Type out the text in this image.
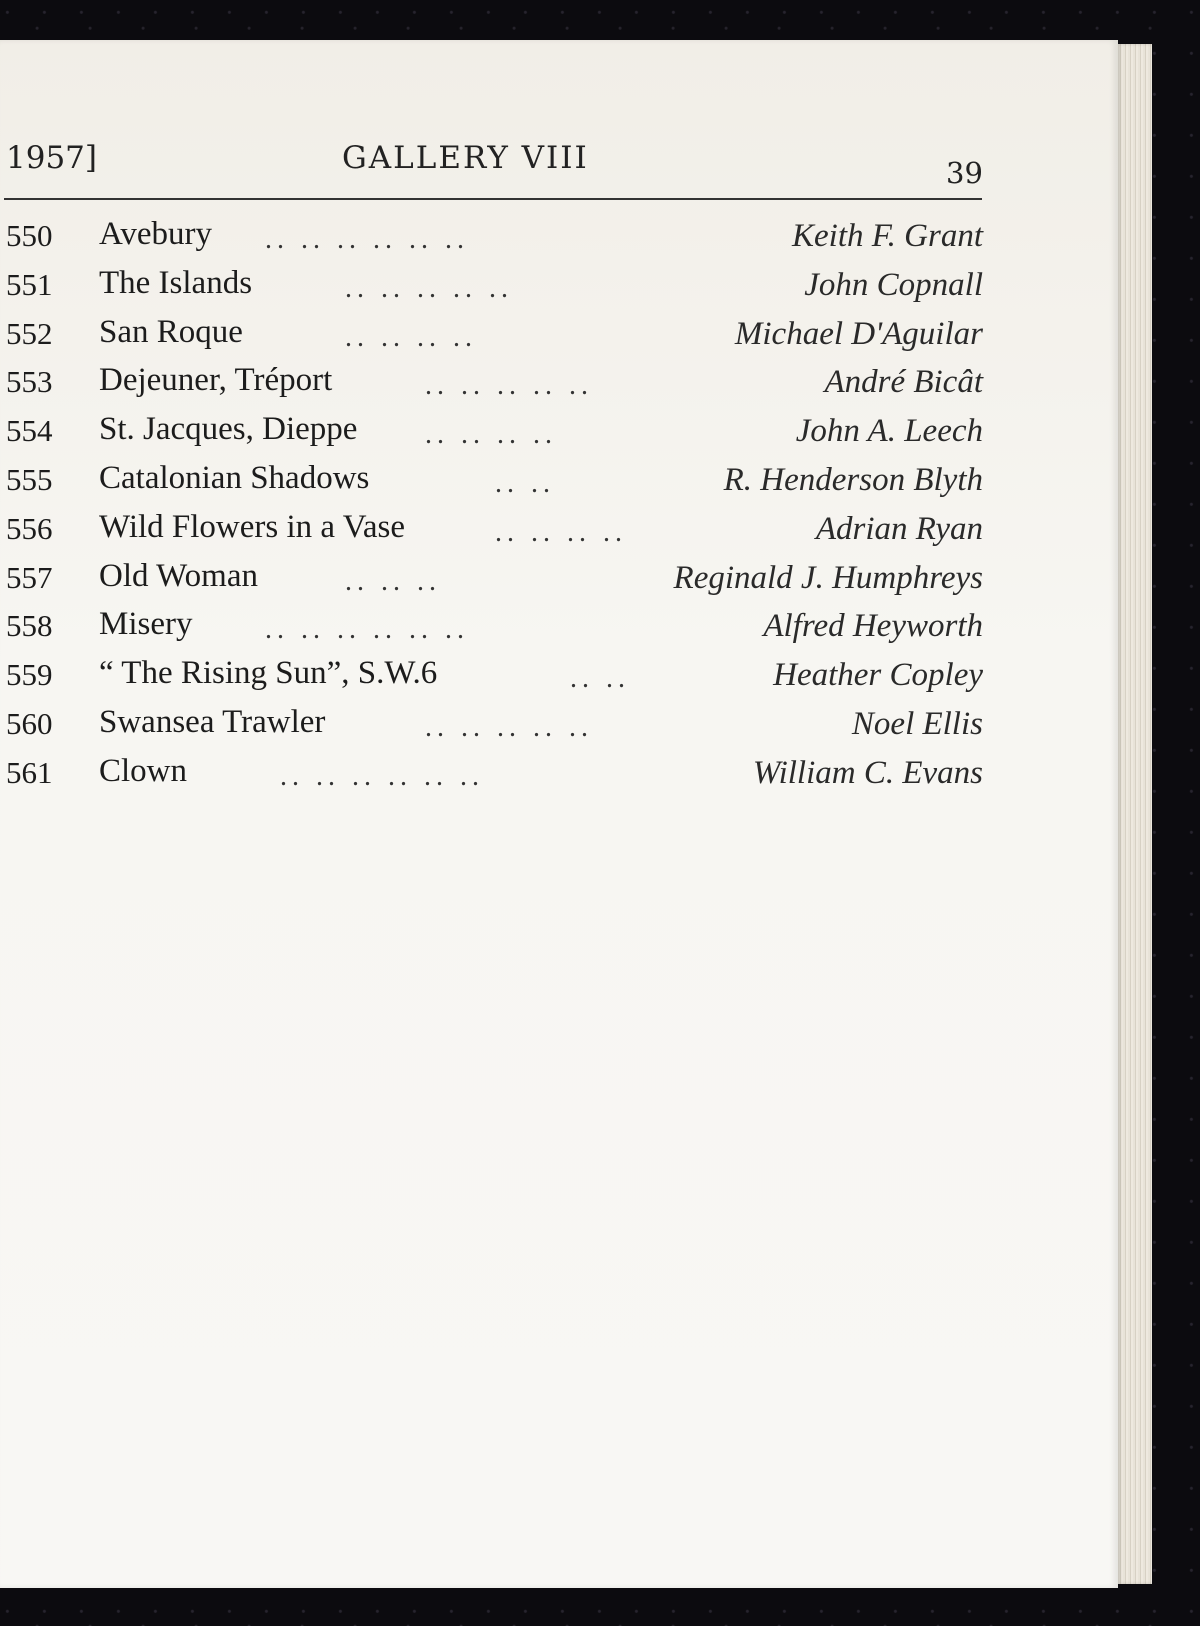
1957]	GALLERY VIII	39
550 Avebury .. .. .. .. .. ..	Keith F. Grant
551 The Islands	.. .. .. .. ..	John Copnall
552 San Roque	.. .. .. ..	Michael D'Aguilar
553 Dejeuner, Tréport	.. .. .. .. ..	André Bicât
554 St. Jacques, Dieppe .. .. .. ..	John A. Leech
555 Catalonian Shadows	.. ..	R. Henderson Blyth
556 Wild Flowers in a Vase	.. .. .. ..	Adrian Ryan
557 Old Woman	.. .. ..	Reginald J. Humphreys
558 Misery	.. .. .. .. .. ..	Alfred Heyworth
559 “ The Rising Sun”, S.W.6	.. ..	Heather Copley
560 Swansea Trawler	.. .. .. .. ..	Noel Ellis
561 Clown	.. .. .. .. .. ..	William C. Evans
